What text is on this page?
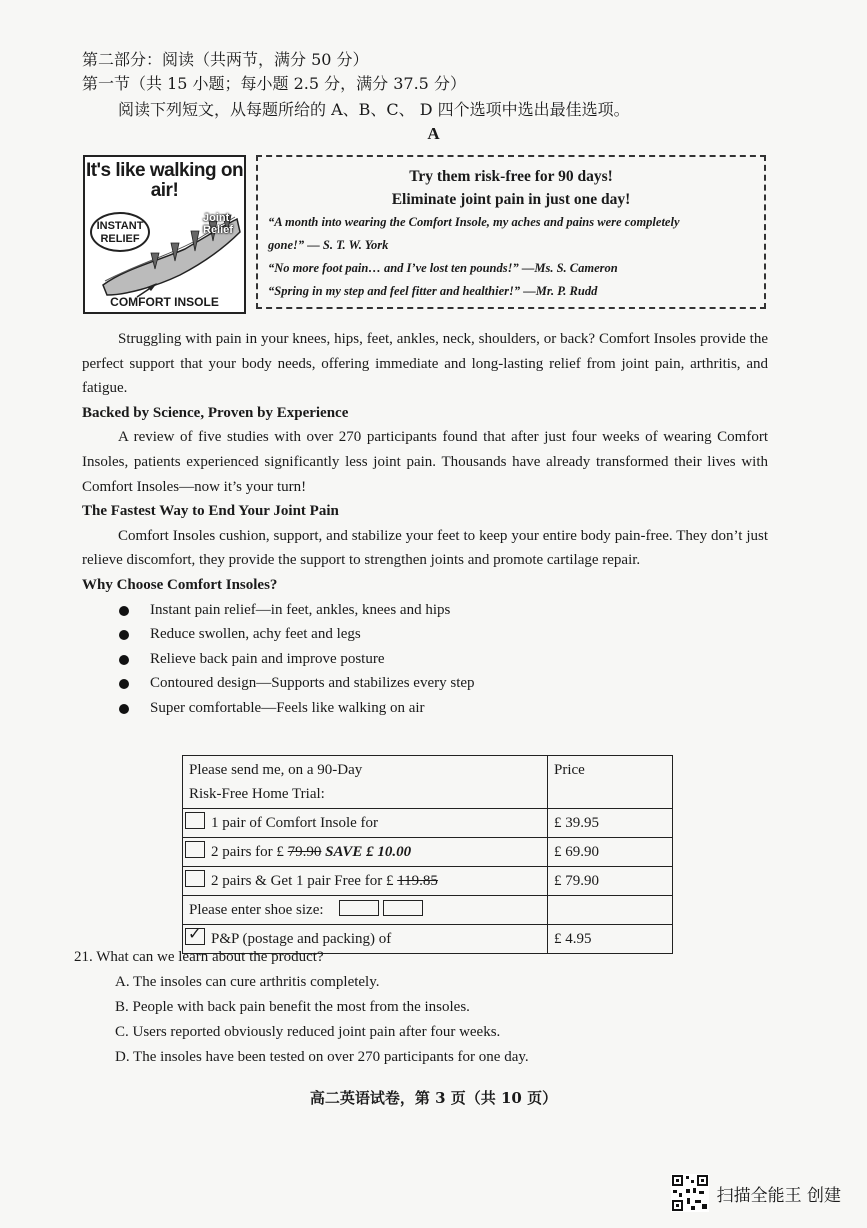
第二部分：阅读（共两节，满分 50 分）
第一节（共 15 小题；每小题 2.5 分，满分 37.5 分）
阅读下列短文，从每题所给的 A、B、C、 D 四个选项中选出最佳选项。
A
It's like walking on air!
INSTANT RELIEF
Joint Relief
COMFORT INSOLE
Try them risk-free for 90 days!
Eliminate joint pain in just one day!
“A month into wearing the Comfort Insole, my aches and pains were completely
gone!” — S. T. W. York
“No more foot pain… and I’ve lost ten pounds!” —Ms. S. Cameron
“Spring in my step and feel fitter and healthier!” —Mr. P. Rudd

Struggling with pain in your knees, hips, feet, ankles, neck, shoulders, or back? Comfort Insoles provide the perfect support that your body needs, offering immediate and long-lasting relief from joint pain, arthritis, and fatigue.

Backed by Science, Proven by Experience

A review of five studies with over 270 participants found that after just four weeks of wearing Comfort Insoles, patients experienced significantly less joint pain. Thousands have already transformed their lives with Comfort Insoles—now it’s your turn!

The Fastest Way to End Your Joint Pain

Comfort Insoles cushion, support, and stabilize your feet to keep your entire body pain-free. They don’t just relieve discomfort, they provide the support to strengthen joints and promote cartilage repair.

Why Choose Comfort Insoles?

Instant pain relief—in feet, ankles, knees and hips
Reduce swollen, achy feet and legs
Relieve back pain and improve posture
Contoured design—Supports and stabilizes every step
Super comfortable—Feels like walking on air
Please send me, on a 90-Day
Risk-Free Home Trial:	Price
1 pair of Comfort Insole for	£ 39.95
2 pairs for £ 79.90 SAVE £ 10.00	£ 69.90
2 pairs & Get 1 pair Free for £ 119.85	£ 79.90
Please enter shoe size:	
✓P&P (postage and packing) of	£ 4.95
21. What can we learn about the product?
A. The insoles can cure arthritis completely.
B. People with back pain benefit the most from the insoles.
C. Users reported obviously reduced joint pain after four weeks.
D. The insoles have been tested on over 270 participants for one day.
高二英语试卷，第 3 页（共 10 页）
扫描全能王 创建
